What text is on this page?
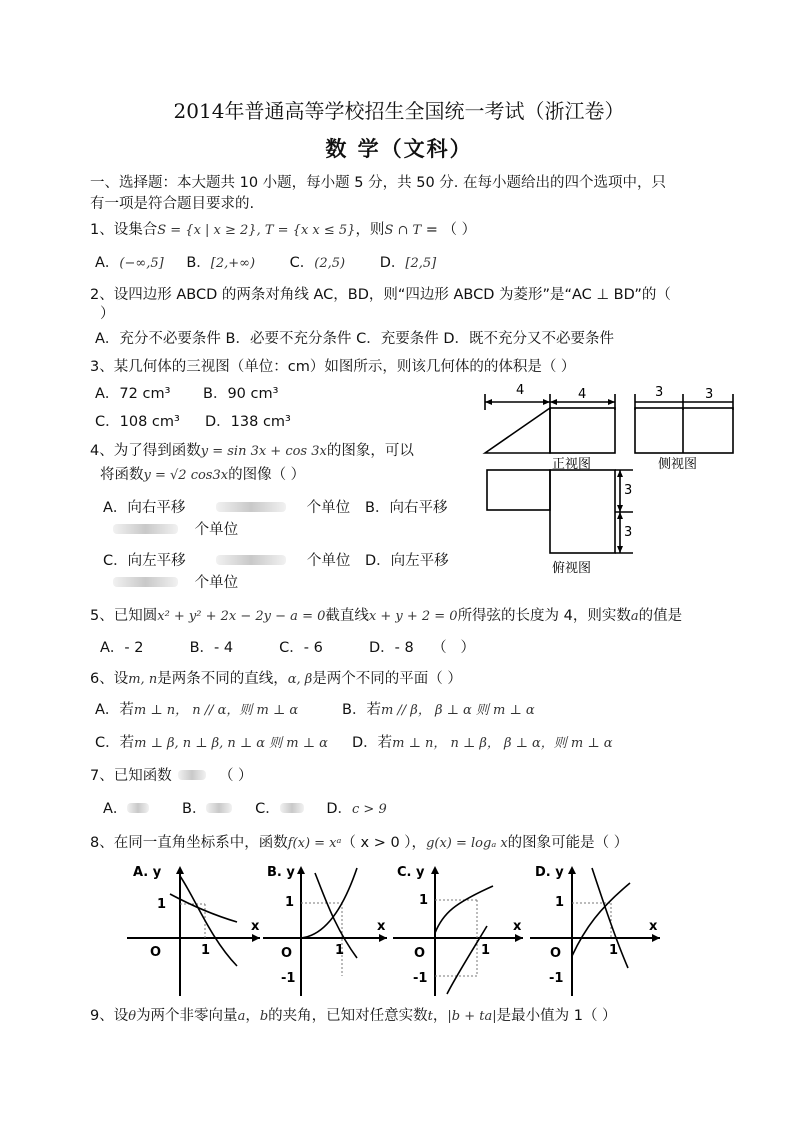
2014年普通高等学校招生全国统一考试（浙江卷）
数 学（文科）
一、选择题：本大题共 10 小题，每小题 5 分，共 50 分. 在每小题给出的四个选项中，只
有一项是符合题目要求的.
1、设集合S = {x | x ≥ 2}, T = {x x ≤ 5}，则S ∩ T = （ ）
A．(−∞,5] B．[2,+∞) C．(2,5) D．[2,5]
2、设四边形 ABCD 的两条对角线 AC，BD，则“四边形 ABCD 为菱形”是“AC ⊥ BD”的（
）
A．充分不必要条件 B．必要不充分条件 C．充要条件 D．既不充分又不必要条件
3、某几何体的三视图（单位：cm）如图所示，则该几何体的的体积是（ ）
A．72 cm³ B．90 cm³
C．108 cm³ D．138 cm³
4	4	3	3
3
3
正视图	侧视图
俯视图
4、为了得到函数y = sin 3x + cos 3x的图象，可以
将函数y = √2 cos3x的图像（ ）
A．向右平移	个单位 B．向右平移
个单位
C．向左平移	个单位 D．向左平移
个单位
5、已知圆x² + y² + 2x − 2y − a = 0截直线x + y + 2 = 0所得弦的长度为 4，则实数a的值是
A．- 2          B．- 4          C．- 6          D．- 8    （   ）
6、设m, n是两条不同的直线，α, β是两个不同的平面（ ）
A．若m ⊥ n， n // α，则 m ⊥ α	B．若m // β， β ⊥ α 则 m ⊥ α
C．若m ⊥ β, n ⊥ β, n ⊥ α 则 m ⊥ α D．若m ⊥ n， n ⊥ β， β ⊥ α，则 m ⊥ α
7、已知函数	（ ）
A．	B．	C．	D．c > 9
8、在同一直角坐标系中，函数f(x) = xᵃ（ x > 0 ），g(x) = logₐ x的图象可能是（ ）
A. y
x
1
O	1
B. y
x
1
O	1
-1
C. y
x
1
O	1
-1
D. y
x
1
O	1
-1
9、设θ为两个非零向量a，b的夹角，已知对任意实数t，|b + ta|是最小值为 1（ ）
